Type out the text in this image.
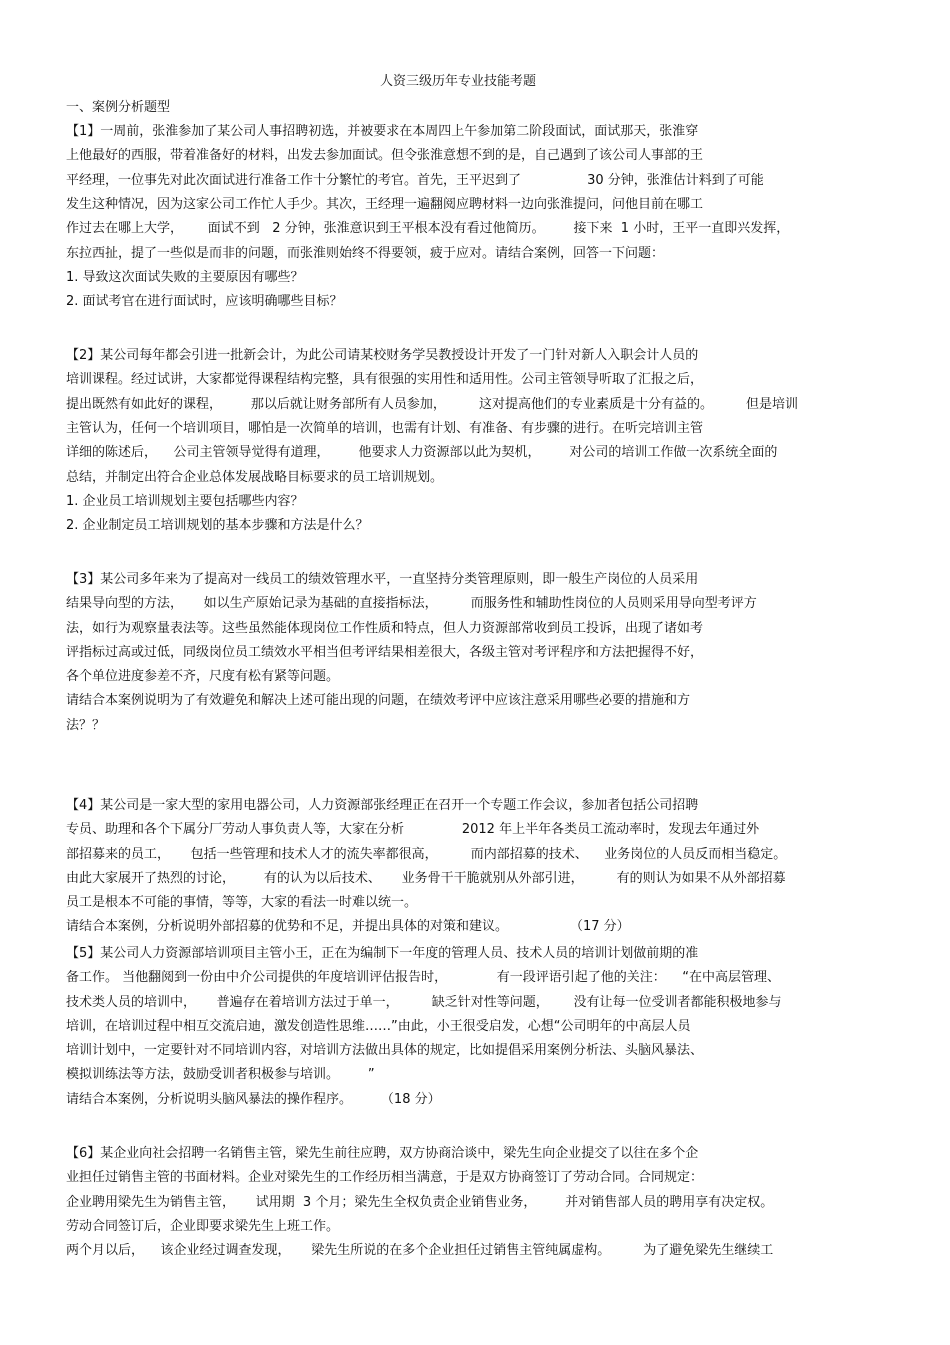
人资三级历年专业技能考题
一、案例分析题型
【1】一周前，张淮参加了某公司人事招聘初选，并被要求在本周四上午参加第二阶段面试，面试那天，张淮穿
上他最好的西服，带着准备好的材料，出发去参加面试。但令张淮意想不到的是，自己遇到了该公司人事部的王
平经理，一位事先对此次面试进行准备工作十分繁忙的考官。首先，王平迟到了                30 分钟，张淮估计料到了可能
发生这种情况，因为这家公司工作忙人手少。其次，王经理一遍翻阅应聘材料一边向张淮提问，问他目前在哪工
作过去在哪上大学，      面试不到   2 分钟，张淮意识到王平根本没有看过他简历。       接下来  1 小时，王平一直即兴发挥，
东拉西扯，提了一些似是而非的问题，而张淮则始终不得要领，疲于应对。请结合案例，回答一下问题：
1. 导致这次面试失败的主要原因有哪些？
2. 面试考官在进行面试时，应该明确哪些目标？
【2】某公司每年都会引进一批新会计，为此公司请某校财务学吴教授设计开发了一门针对新人入职会计人员的
培训课程。经过试讲，大家都觉得课程结构完整，具有很强的实用性和适用性。公司主管领导听取了汇报之后，
提出既然有如此好的课程，       那以后就让财务部所有人员参加，        这对提高他们的专业素质是十分有益的。        但是培训
主管认为，任何一个培训项目，哪怕是一次简单的培训，也需有计划、有准备、有步骤的进行。在听完培训主管
详细的陈述后，    公司主管领导觉得有道理，       他要求人力资源部以此为契机，       对公司的培训工作做一次系统全面的
总结，并制定出符合企业总体发展战略目标要求的员工培训规划。
1. 企业员工培训规划主要包括哪些内容？
2. 企业制定员工培训规划的基本步骤和方法是什么？
【3】某公司多年来为了提高对一线员工的绩效管理水平，一直坚持分类管理原则，即一般生产岗位的人员采用
结果导向型的方法，     如以生产原始记录为基础的直接指标法，        而服务性和辅助性岗位的人员则采用导向型考评方
法，如行为观察量表法等。这些虽然能体现岗位工作性质和特点，但人力资源部常收到员工投诉，出现了诸如考
评指标过高或过低，同级岗位员工绩效水平相当但考评结果相差很大，各级主管对考评程序和方法把握得不好，
各个单位进度参差不齐，尺度有松有紧等问题。
请结合本案例说明为了有效避免和解决上述可能出现的问题，在绩效考评中应该注意采用哪些必要的措施和方
法？？
【4】某公司是一家大型的家用电器公司，人力资源部张经理正在召开一个专题工作会议，参加者包括公司招聘
专员、助理和各个下属分厂劳动人事负责人等，大家在分析              2012 年上半年各类员工流动率时，发现去年通过外
部招募来的员工，     包括一些管理和技术人才的流失率都很高，        而内部招募的技术、    业务岗位的人员反而相当稳定。
由此大家展开了热烈的讨论，       有的认为以后技术、     业务骨干干脆就别从外部引进，        有的则认为如果不从外部招募
员工是根本不可能的事情，等等，大家的看法一时难以统一。
请结合本案例，分析说明外部招募的优势和不足，并提出具体的对策和建议。               （17 分）
【5】某公司人力资源部培训项目主管小王，正在为编制下一年度的管理人员、技术人员的培训计划做前期的准
备工作。 当他翻阅到一份由中介公司提供的年度培训评估报告时，            有一段评语引起了他的关注：    “在中高层管理、
技术类人员的培训中，     普遍存在着培训方法过于单一，        缺乏针对性等问题，      没有让每一位受训者都能积极地参与
培训，在培训过程中相互交流启迪，激发创造性思维……”由此，小王很受启发，心想“公司明年的中高层人员
培训计划中，一定要针对不同培训内容，对培训方法做出具体的规定，比如提倡采用案例分析法、头脑风暴法、
模拟训练法等方法，鼓励受训者积极参与培训。       ”
请结合本案例，分析说明头脑风暴法的操作程序。       （18 分）
【6】某企业向社会招聘一名销售主管，梁先生前往应聘，双方协商洽谈中，梁先生向企业提交了以往在多个企
业担任过销售主管的书面材料。企业对梁先生的工作经历相当满意，于是双方协商签订了劳动合同。合同规定：
企业聘用梁先生为销售主管，     试用期  3 个月；梁先生全权负责企业销售业务，       并对销售部人员的聘用享有决定权。
劳动合同签订后，企业即要求梁先生上班工作。
两个月以后，    该企业经过调查发现，     梁先生所说的在多个企业担任过销售主管纯属虚构。        为了避免梁先生继续工
